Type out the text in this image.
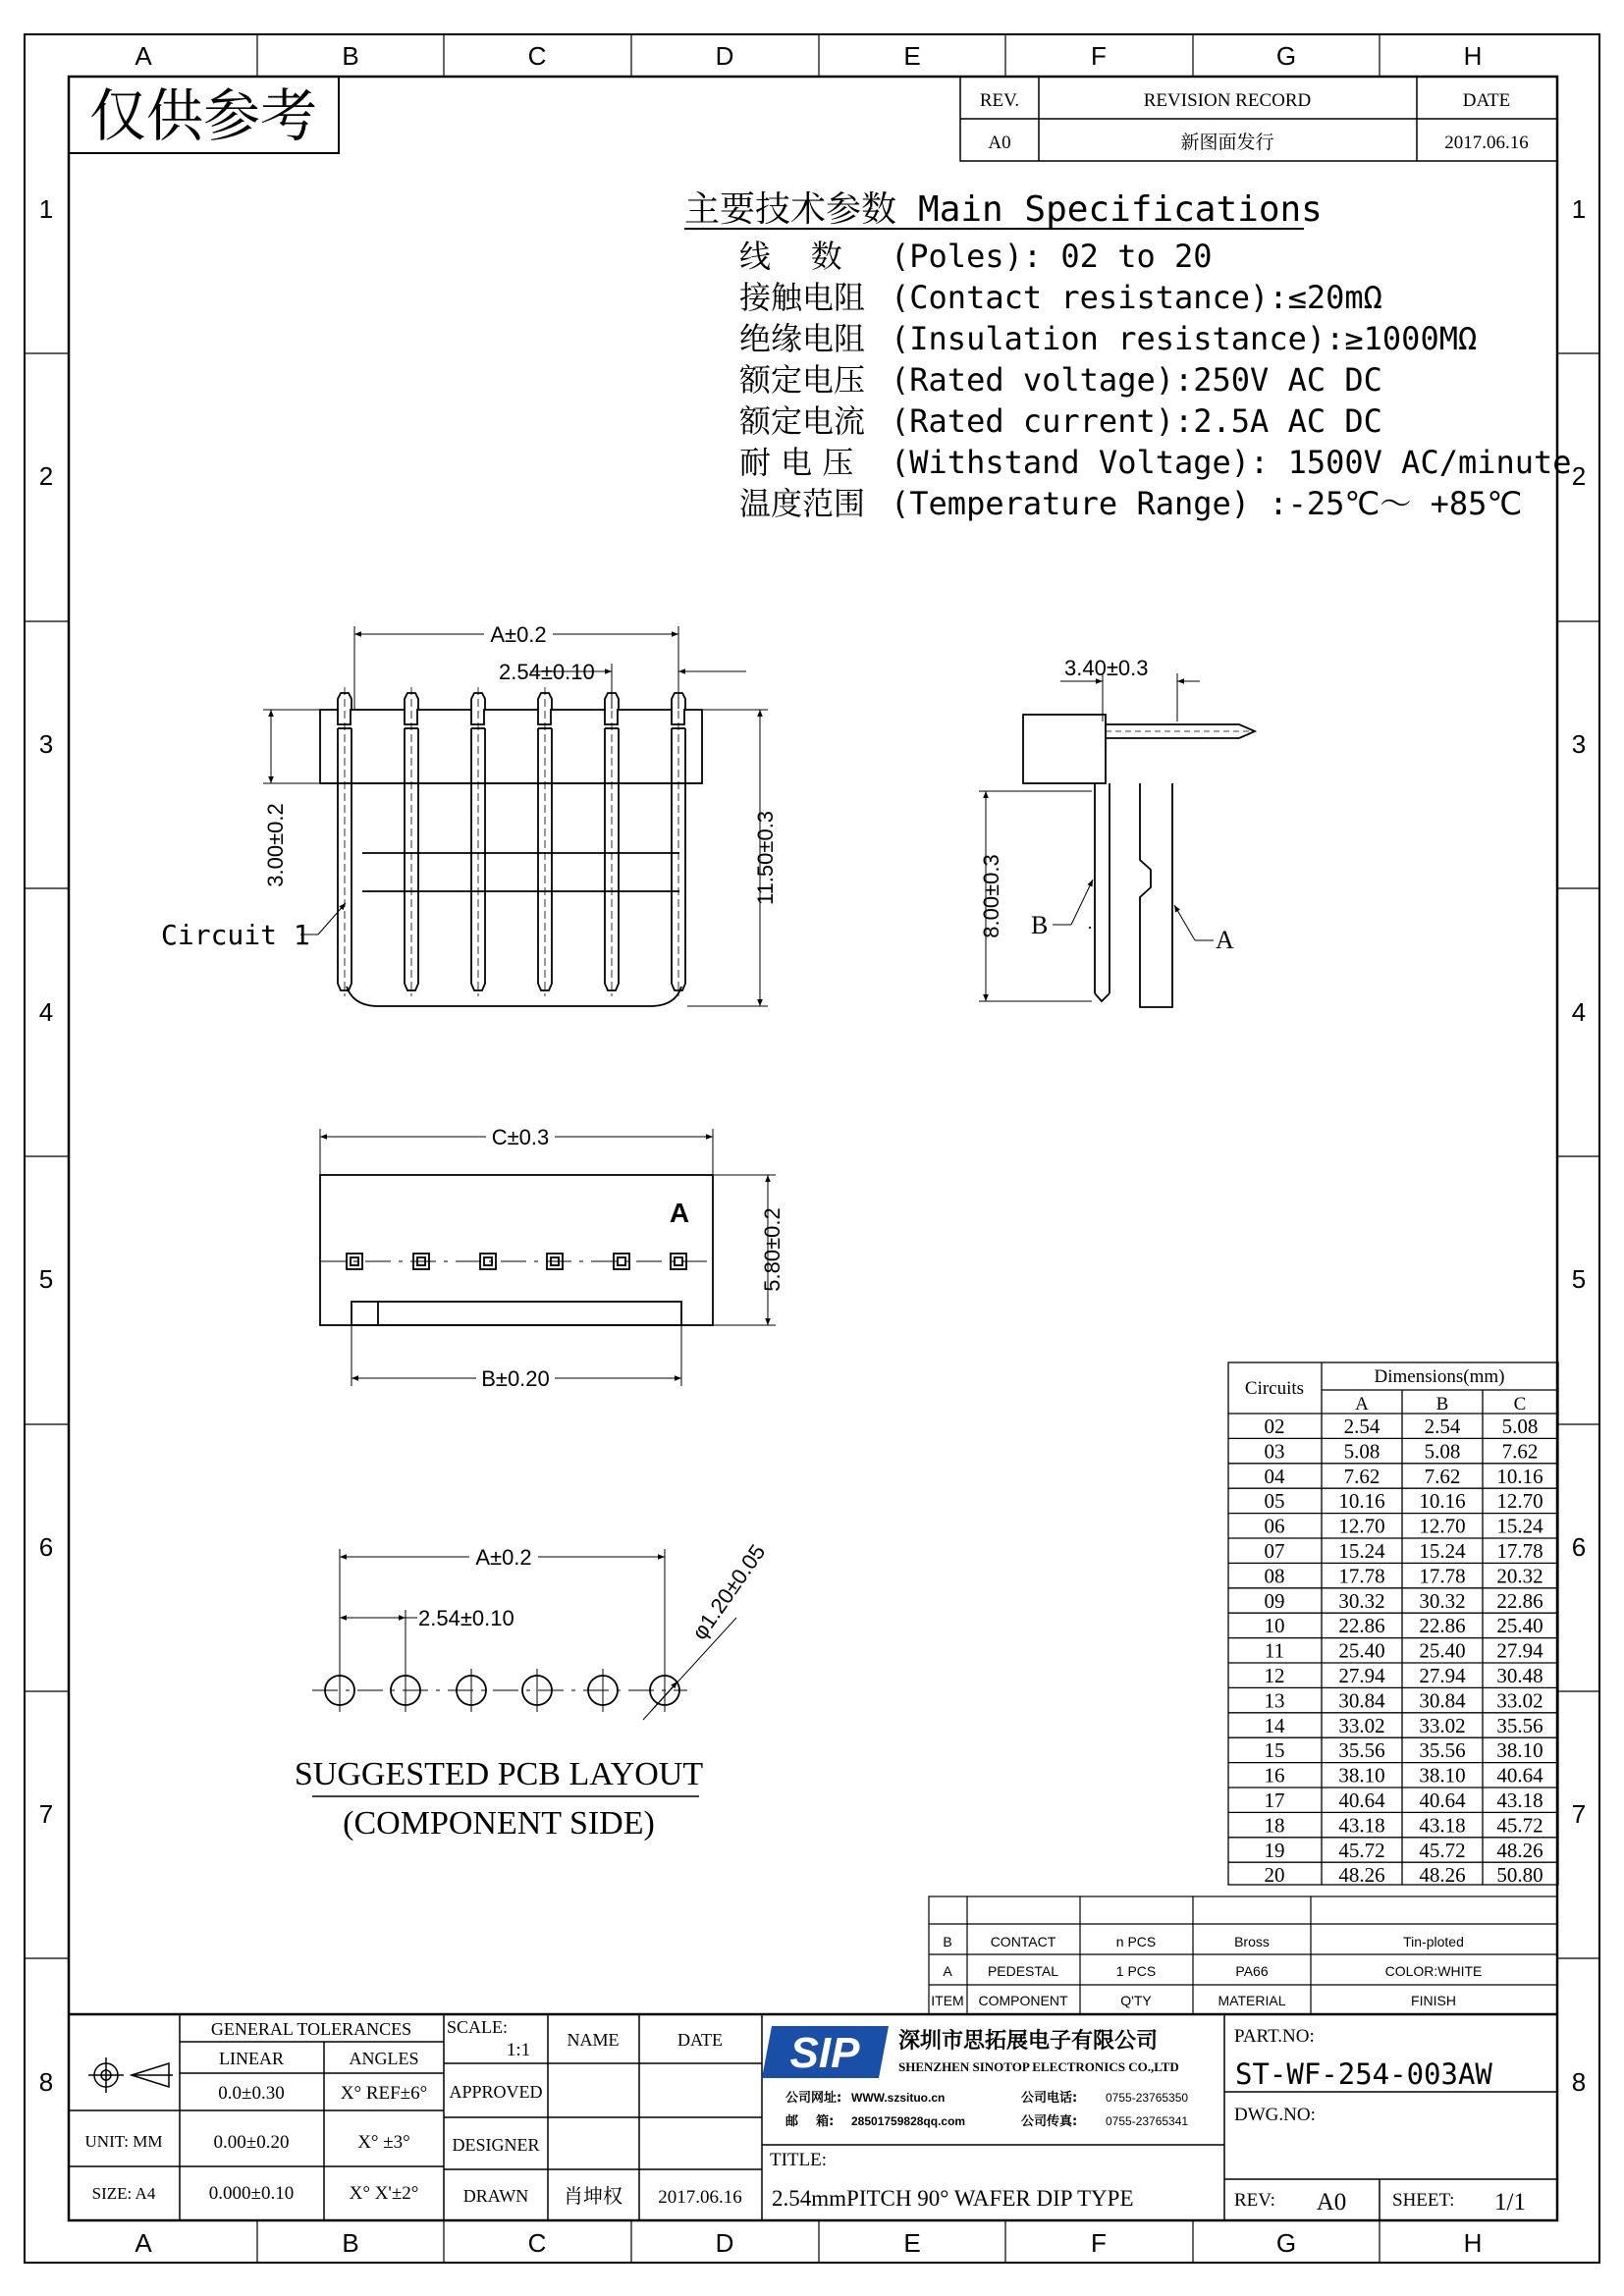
A	B	C	D	E	F	G	H
A	B	C	D	E	F	G	H
1
2
3
4
5
6
7
8
1
2
3
4
5
6
7
8
仅供参考	REV.	REVISION RECORD	DATE
A0	新图面发行	2017.06.16
主要技术参数 Main Specifications
线    数 (Poles): 02 to 20
接触电阻 (Contact resistance):≤20mΩ
绝缘电阻 (Insulation resistance):≥1000MΩ
额定电压 (Rated voltage):250V AC DC
额定电流 (Rated current):2.5A AC DC
耐 电 压 (Withstand Voltage): 1500V AC/minute
温度范围 (Temperature Range) :-25℃～ +85℃
A±0.2
2.54±0.10
3.00±0.2	11.50±0.3
Circuit 1
3.40±0.3
8.00±0.3 B
A
C±0.3
5.80±0.2
B±0.20
A
A±0.2
2.54±0.10	φ1.20±0.05
SUGGESTED PCB LAYOUT
(COMPONENT SIDE)
Circuits
Dimensions(mm)
A	B	C
02	2.54 2.54 5.08
03	5.08 5.08 7.62
04	7.62 7.62 10.16
05	10.16 10.16 12.70
06	12.70 12.70 15.24
07	15.24 15.24 17.78
08	17.78 17.78 20.32
09	30.32 30.32 22.86
10	22.86 22.86 25.40
11	25.40 25.40 27.94
12	27.94 27.94 30.48
13	30.84 30.84 33.02
14	33.02 33.02 35.56
15	35.56 35.56 38.10
16	38.10 38.10 40.64
17	40.64 40.64 43.18
18	43.18 43.18 45.72
19	45.72 45.72 48.26
20	48.26 48.26 50.80
B	CONTACT	n PCS	Bross	Tin-ploted
A	PEDESTAL	1 PCS	PA66	COLOR:WHITE
ITEM COMPONENT	Q'TY	MATERIAL	FINISH
GENERAL TOLERANCES
LINEAR	ANGLES
0.0±0.30	X° REF±6°
0.00±0.20	X° ±3°
0.000±0.10	X° X'±2°
UNIT: MM
SIZE: A4
SCALE:
1:1 NAME	DATE
APPROVED
DESIGNER
DRAWN 肖坤权 2017.06.16
SIP 深圳市思拓展电子有限公司
SHENZHEN SINOTOP ELECTRONICS CO.,LTD
公司网址: WWW.szsituo.cn	公司电话: 0755-23765350
邮    箱: 28501759828qq.com	公司传真: 0755-23765341
TITLE:
2.54mmPITCH 90° WAFER DIP TYPE
PART.NO:
ST-WF-254-003AW
DWG.NO:
REV: A0 SHEET: 1/1
